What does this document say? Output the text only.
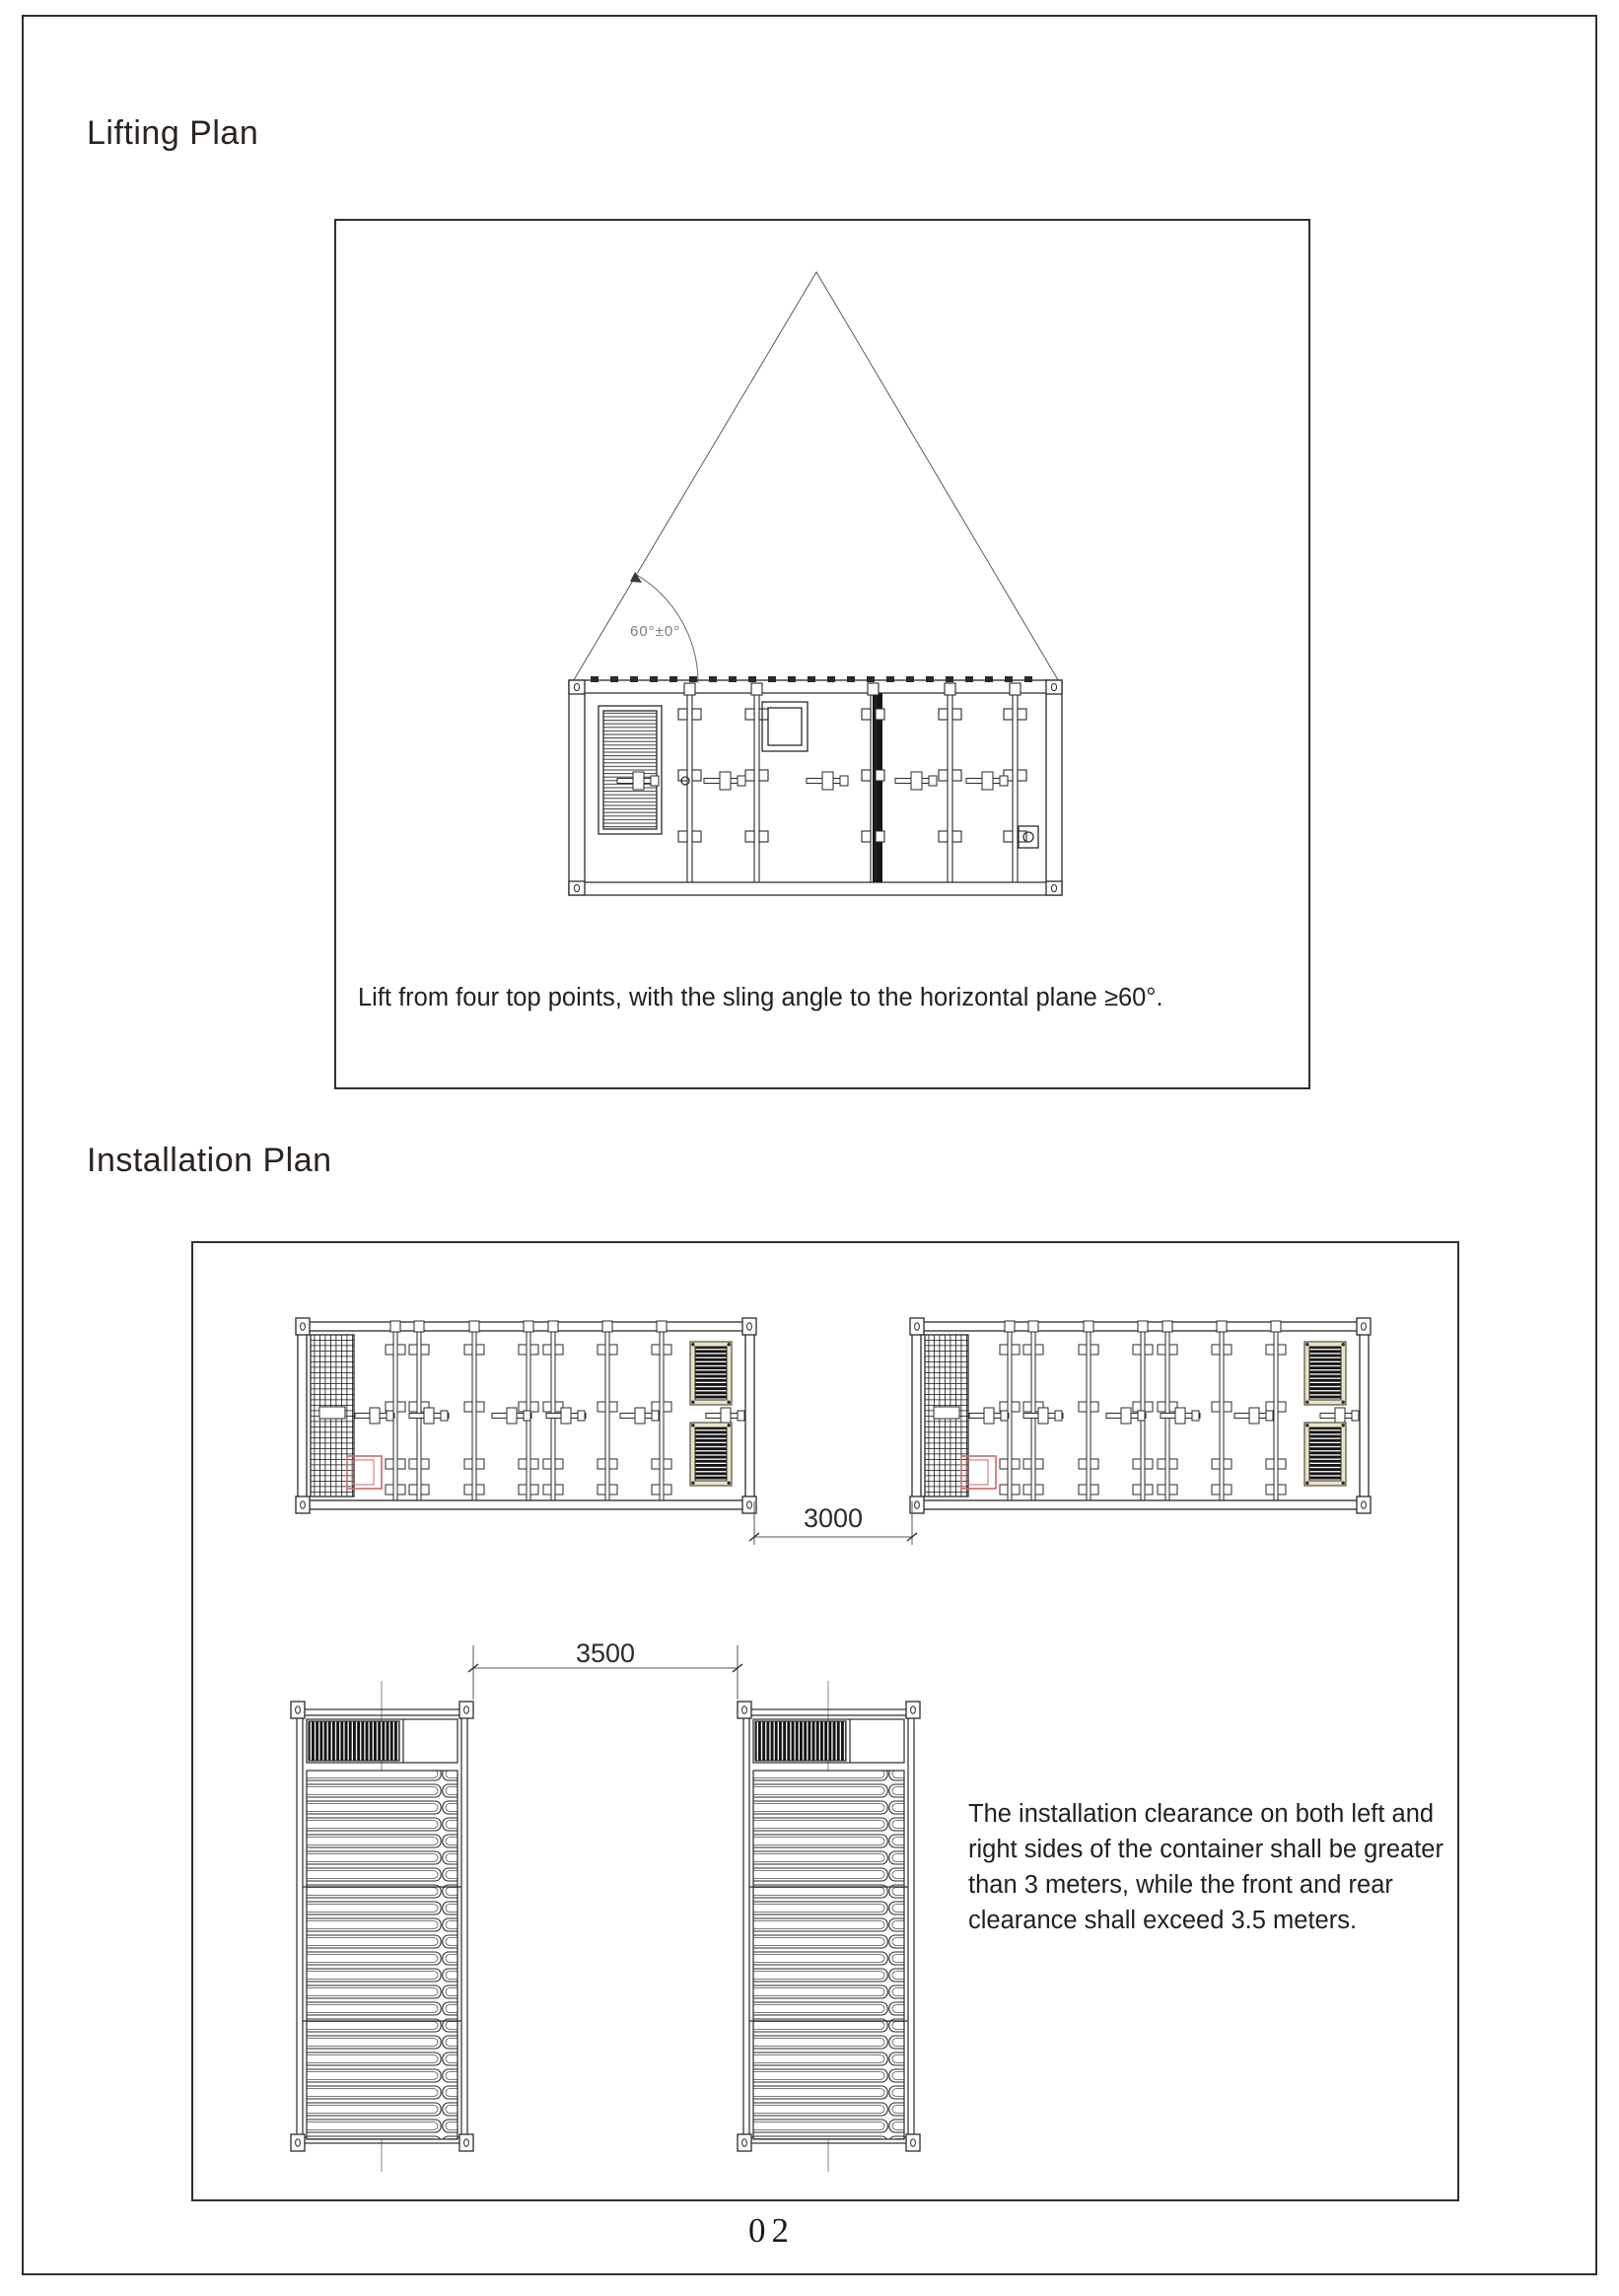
Lifting Plan
60°±0°

Lift from four top points, with the sling angle to the horizontal plane ≥60°.

Installation Plan
3000
3500

The installation clearance on both left and right sides of the container shall be greater than 3 meters, while the front and rear clearance shall exceed 3.5 meters.

02
